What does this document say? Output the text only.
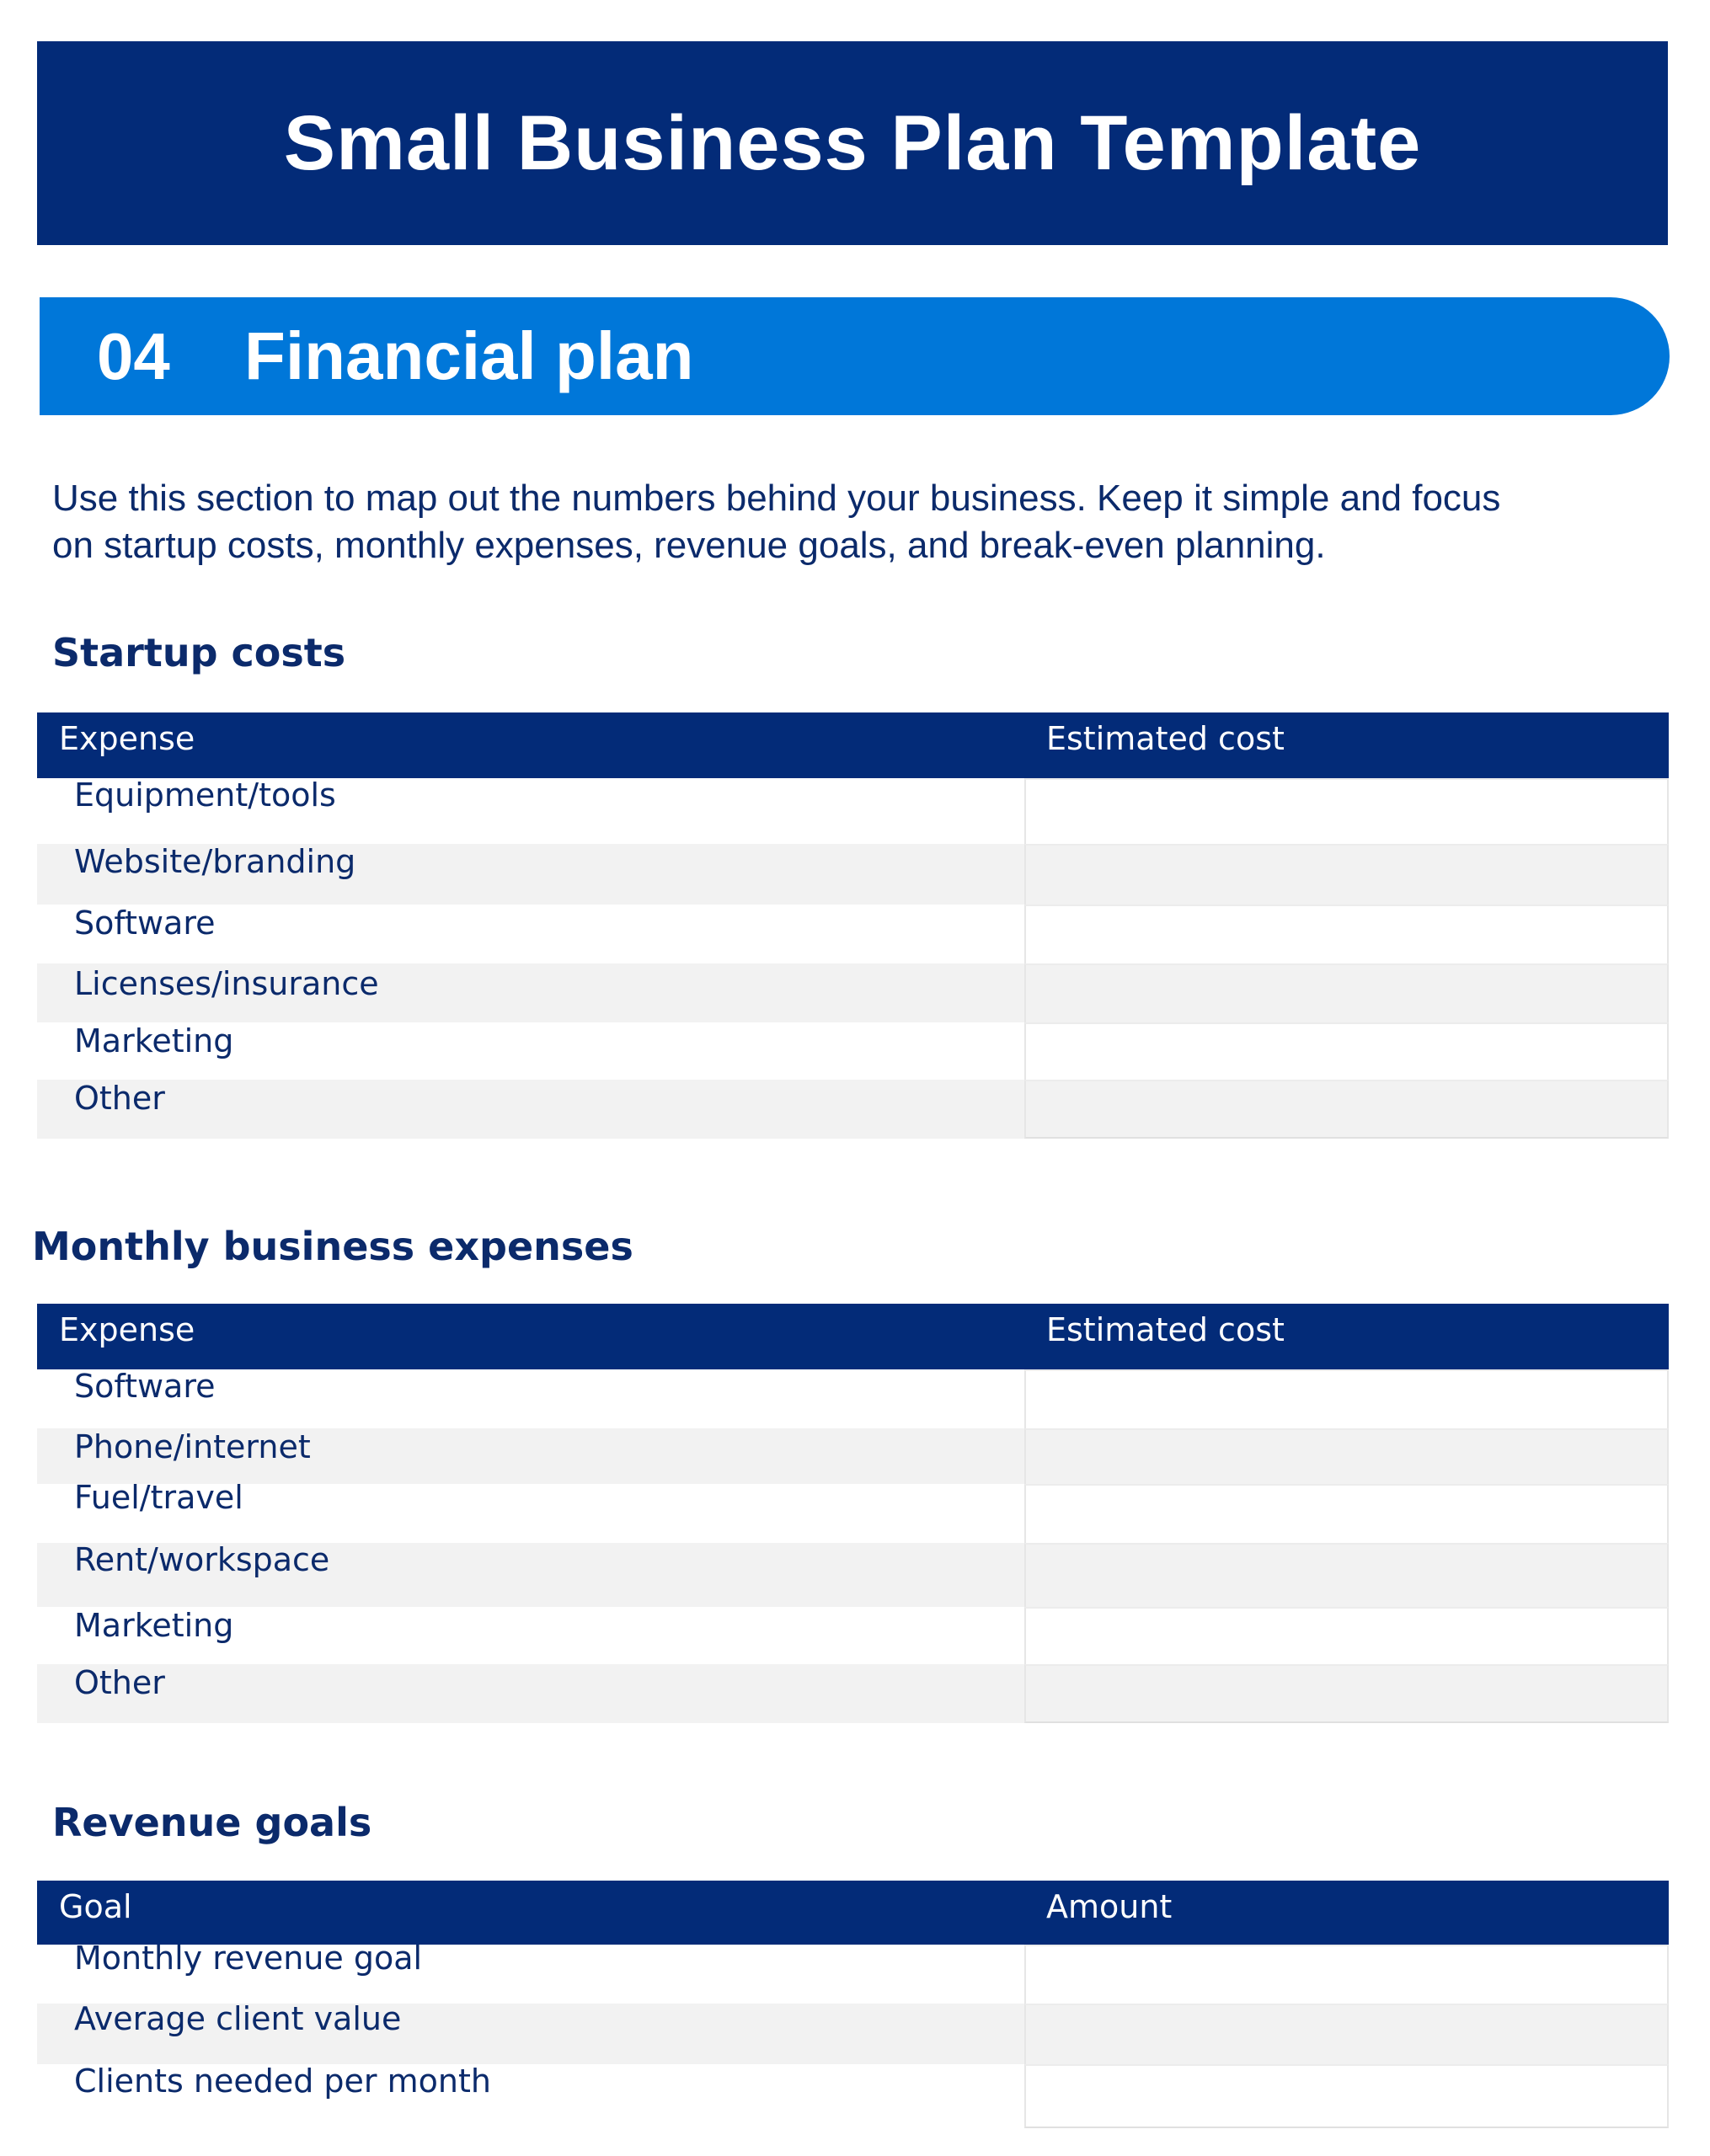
Small Business Plan Template
04 Financial plan

Use this section to map out the numbers behind your business. Keep it simple and focus

on startup costs, monthly expenses, revenue goals, and break-even planning.

Startup costs
Expense	Estimated cost
Equipment/tools
Website/branding
Software
Licenses/insurance
Marketing
Other
Monthly business expenses
Expense	Estimated cost
Software
Phone/internet
Fuel/travel
Rent/workspace
Marketing
Other
Revenue goals
Goal	Amount
Monthly revenue goal
Average client value
Clients needed per month
